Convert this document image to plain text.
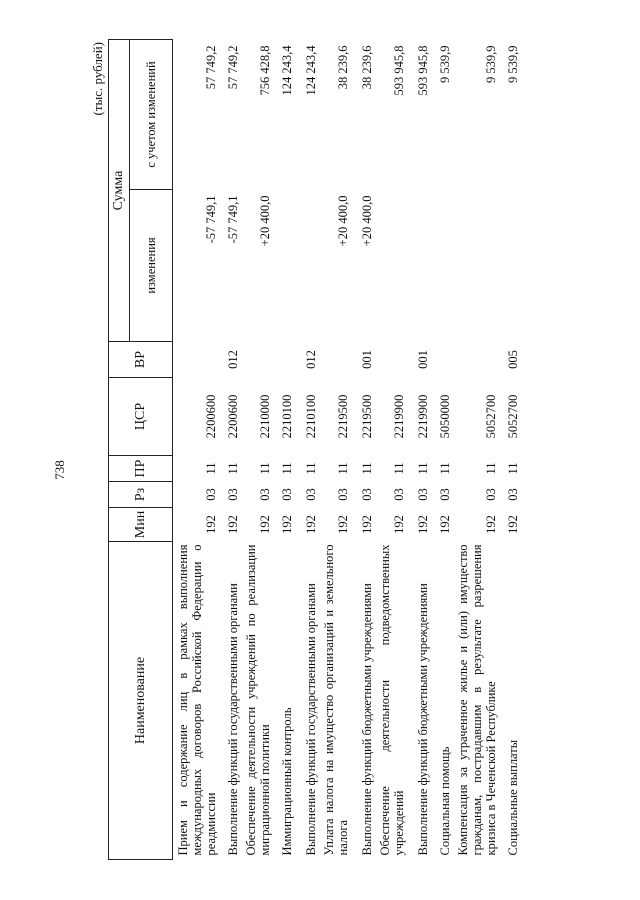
738
(тыс. рублей)
Наименование	Мин	Рз	ПР	ЦСР	ВР	Сумма	
						изменения	с учетом изменений
Прием и содержание лиц в рамках выполнения международных договоров Российской Федерации о реадмиссии	192	03	11	2200600		-57 749,1	57 749,2
Выполнение функций государственными органами	192	03	11	2200600	012	-57 749,1	57 749,2
Обеспечение деятельности учреждений по реализации миграционной политики	192	03	11	2210000		+20 400,0	756 428,8
Иммиграционный контроль	192	03	11	2210100			124 243,4
Выполнение функций государственными органами	192	03	11	2210100	012		124 243,4
Уплата налога на имущество организаций и земельного налога	192	03	11	2219500		+20 400,0	38 239,6
Выполнение функций бюджетными учреждениями	192	03	11	2219500	001	+20 400,0	38 239,6
Обеспечение деятельности подведомственных учреждений	192	03	11	2219900			593 945,8
Выполнение функций бюджетными учреждениями	192	03	11	2219900	001		593 945,8
Социальная помощь	192	03	11	5050000			9 539,9
Компенсация за утраченное жилье и (или) имущество гражданам, пострадавшим в результате разрешения кризиса в Чеченской Республике	192	03	11	5052700			9 539,9
Социальные выплаты	192	03	11	5052700	005		9 539,9
